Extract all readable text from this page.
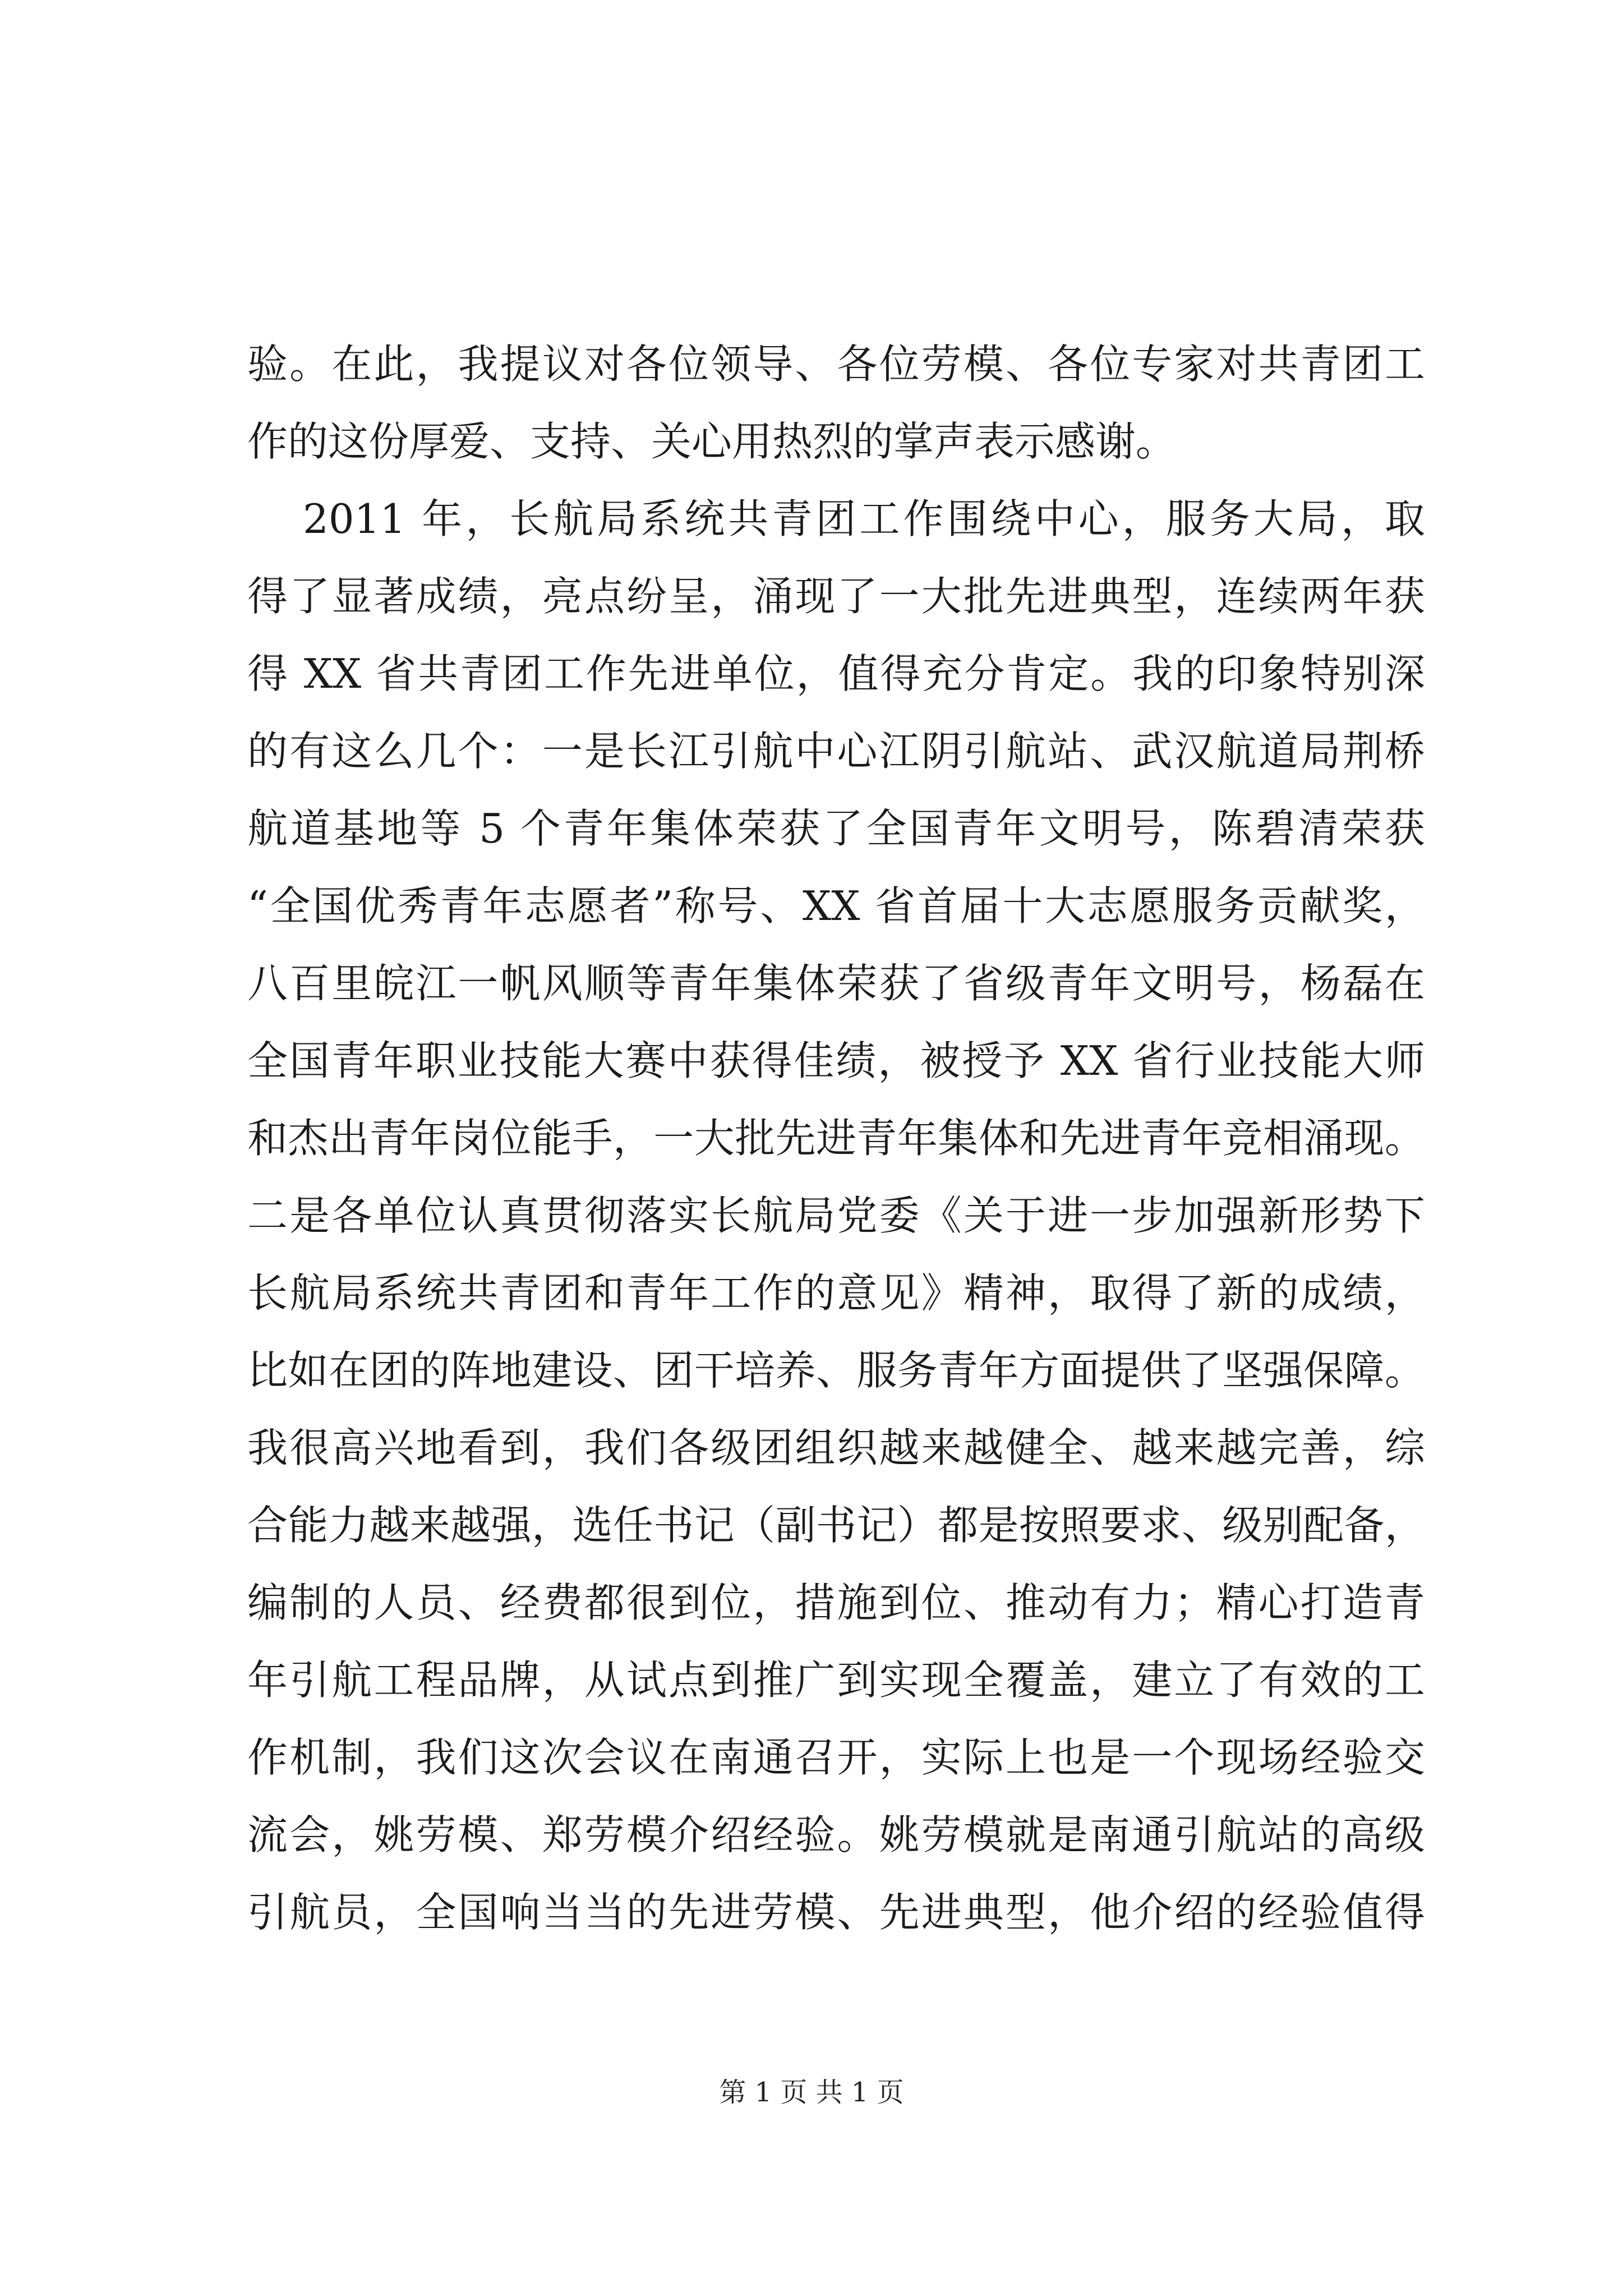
验。在此，我提议对各位领导、各位劳模、各位专家对共青团工
作的这份厚爱、支持、关心用热烈的掌声表示感谢。
2011 年，长航局系统共青团工作围绕中心，服务大局，取
得了显著成绩，亮点纷呈，涌现了一大批先进典型，连续两年获
得 XX 省共青团工作先进单位，值得充分肯定。我的印象特别深
的有这么几个：一是长江引航中心江阴引航站、武汉航道局荆桥
航道基地等 5 个青年集体荣获了全国青年文明号，陈碧清荣获
“全国优秀青年志愿者”称号、XX 省首届十大志愿服务贡献奖，
八百里皖江一帆风顺等青年集体荣获了省级青年文明号，杨磊在
全国青年职业技能大赛中获得佳绩，被授予 XX 省行业技能大师
和杰出青年岗位能手，一大批先进青年集体和先进青年竞相涌现。
二是各单位认真贯彻落实长航局党委《关于进一步加强新形势下
长航局系统共青团和青年工作的意见》精神，取得了新的成绩，
比如在团的阵地建设、团干培养、服务青年方面提供了坚强保障。
我很高兴地看到，我们各级团组织越来越健全、越来越完善，综
合能力越来越强，选任书记（副书记）都是按照要求、级别配备，
编制的人员、经费都很到位，措施到位、推动有力；精心打造青
年引航工程品牌，从试点到推广到实现全覆盖，建立了有效的工
作机制，我们这次会议在南通召开，实际上也是一个现场经验交
流会，姚劳模、郑劳模介绍经验。姚劳模就是南通引航站的高级
引航员，全国响当当的先进劳模、先进典型，他介绍的经验值得
第 1 页 共 1 页
